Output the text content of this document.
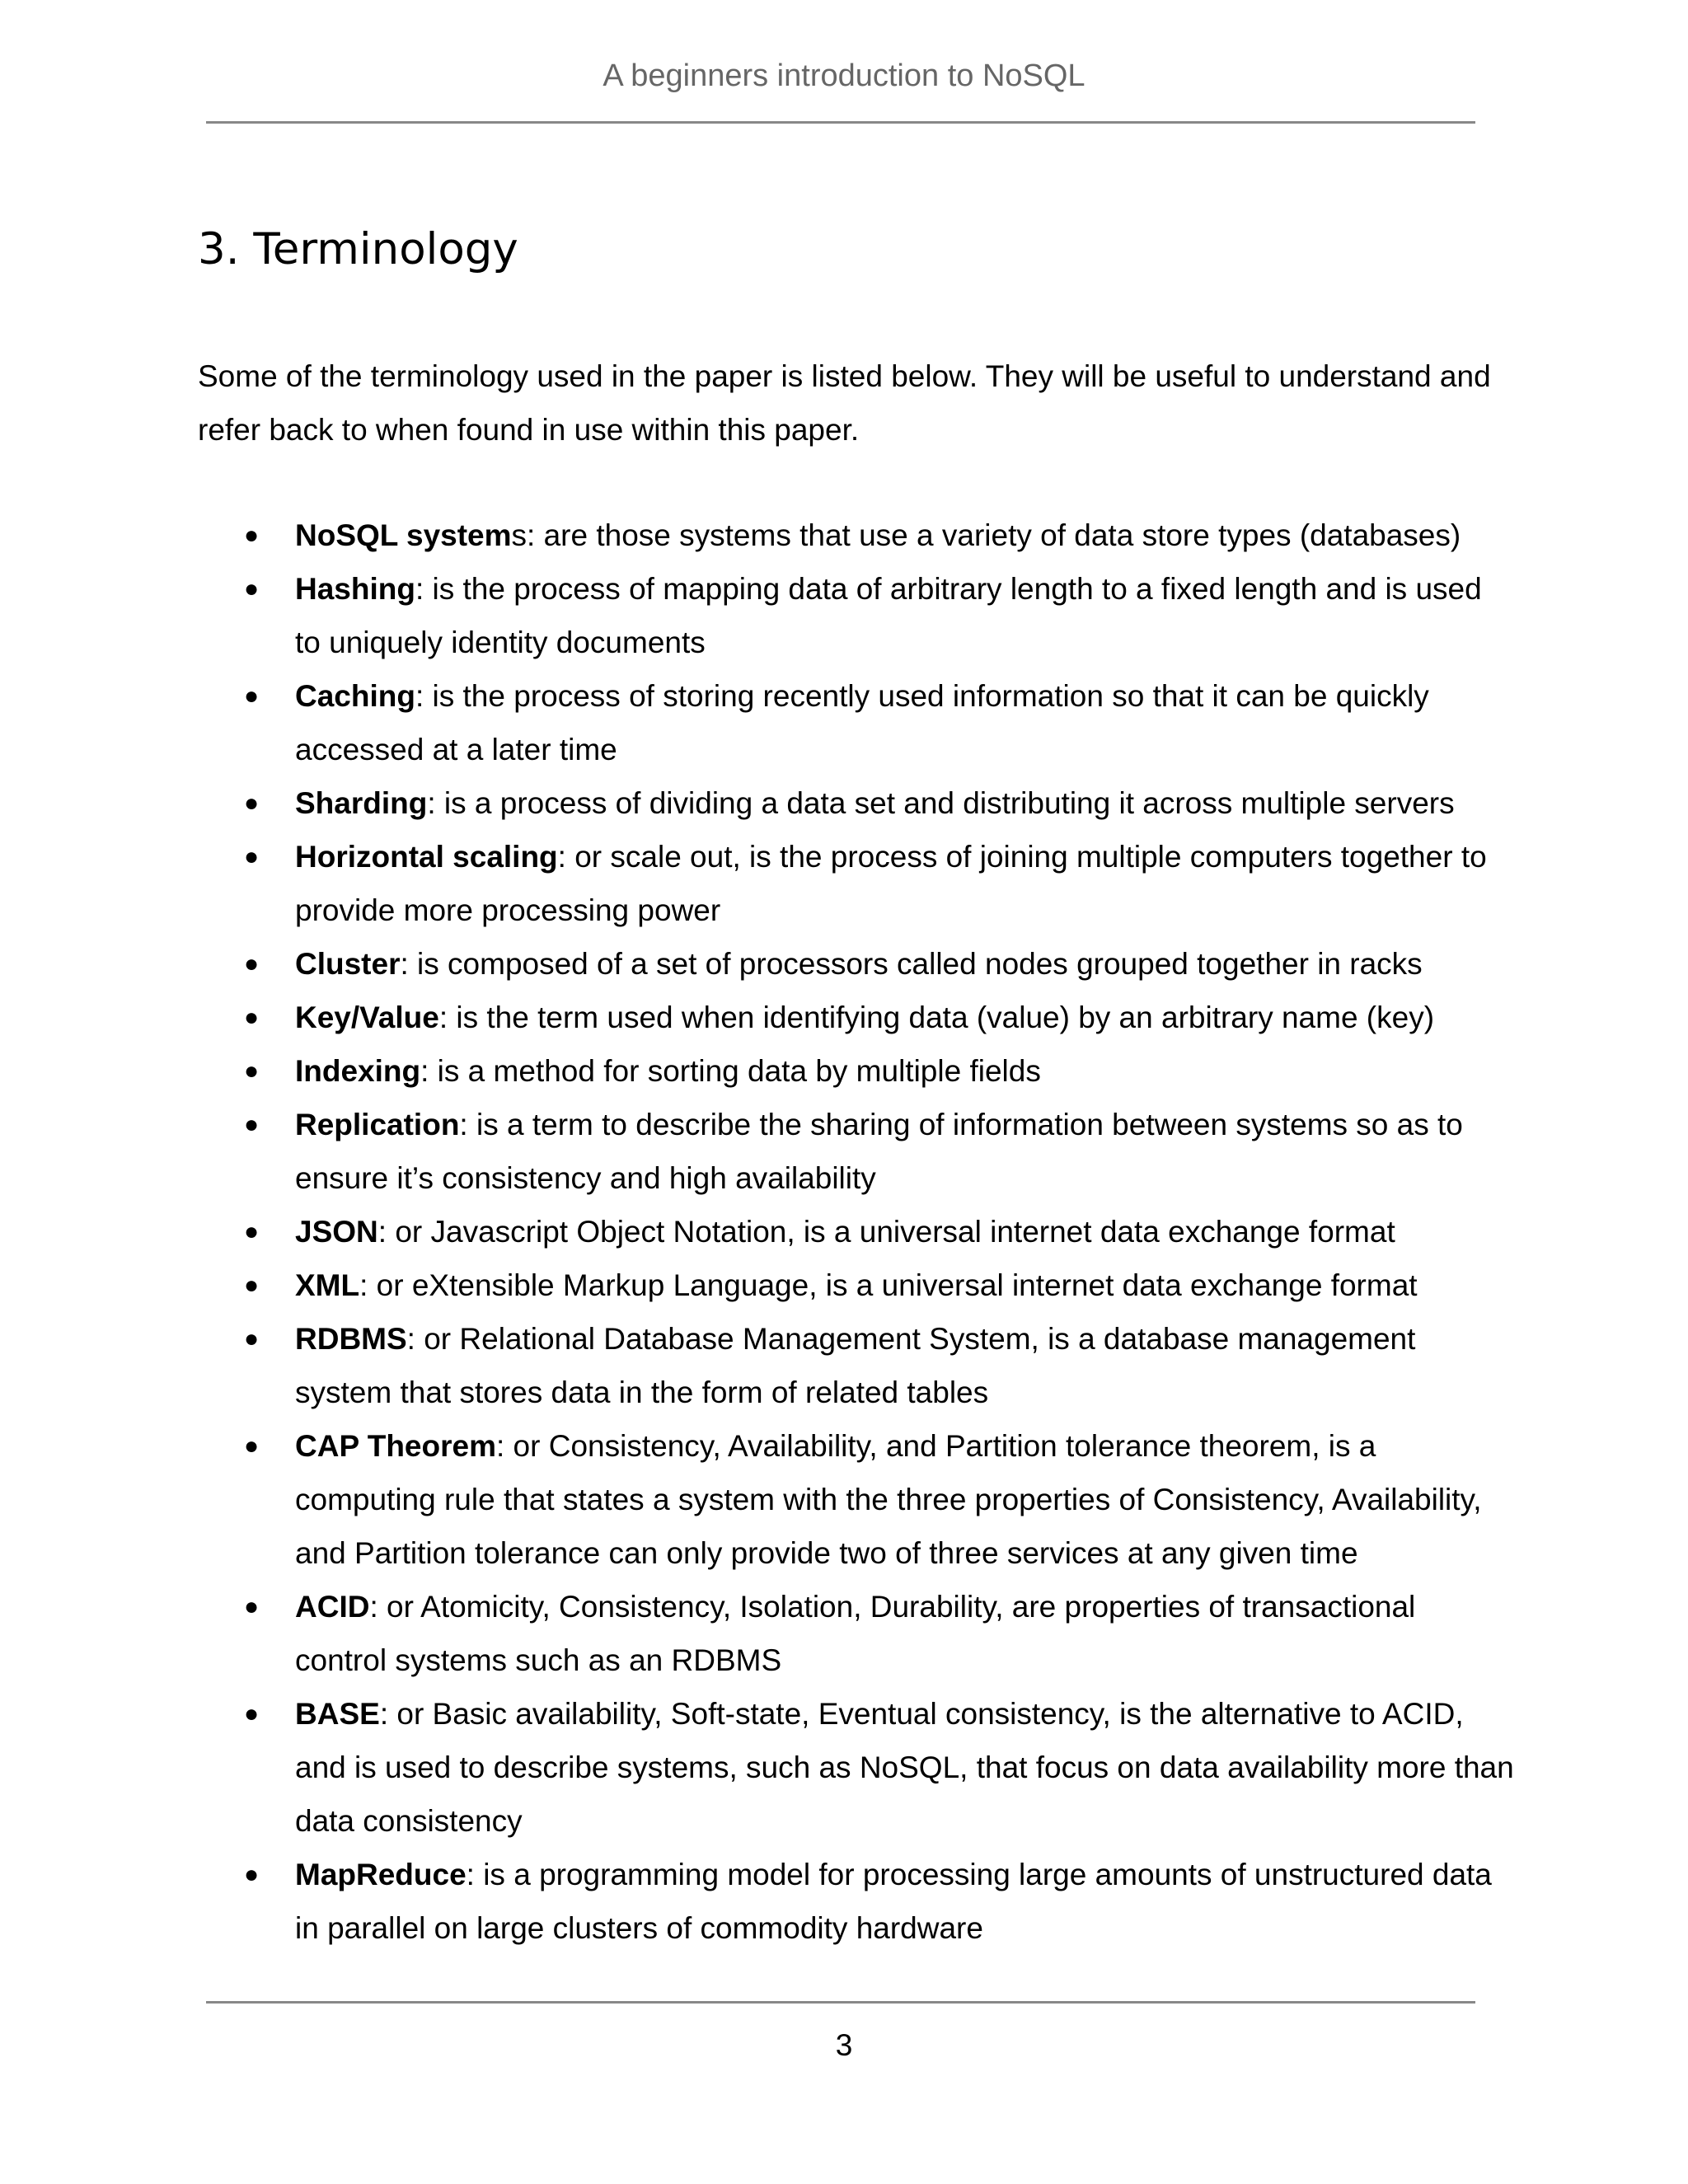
A beginners introduction to NoSQL
3. Terminology

Some of the terminology used in the paper is listed below. They will be useful to understand and refer back to when found in use within this paper.

● NoSQL systems: are those systems that use a variety of data store types (databases)
● Hashing: is the process of mapping data of arbitrary length to a fixed length and is used to uniquely identity documents
● Caching: is the process of storing recently used information so that it can be quickly accessed at a later time
● Sharding: is a process of dividing a data set and distributing it across multiple servers
● Horizontal scaling: or scale out, is the process of joining multiple computers together to provide more processing power
● Cluster: is composed of a set of processors called nodes grouped together in racks
● Key/Value: is the term used when identifying data (value) by an arbitrary name (key)
● Indexing: is a method for sorting data by multiple fields
● Replication: is a term to describe the sharing of information between systems so as to ensure it’s consistency and high availability
● JSON: or Javascript Object Notation, is a universal internet data exchange format
● XML: or eXtensible Markup Language, is a universal internet data exchange format
● RDBMS: or Relational Database Management System, is a database management system that stores data in the form of related tables
● CAP Theorem: or Consistency, Availability, and Partition tolerance theorem, is a computing rule that states a system with the three properties of Consistency, Availability, and Partition tolerance can only provide two of three services at any given time
● ACID: or Atomicity, Consistency, Isolation, Durability, are properties of transactional control systems such as an RDBMS
● BASE: or Basic availability, Soft-state, Eventual consistency, is the alternative to ACID, and is used to describe systems, such as NoSQL, that focus on data availability more than data consistency
● MapReduce: is a programming model for processing large amounts of unstructured data in parallel on large clusters of commodity hardware
3
